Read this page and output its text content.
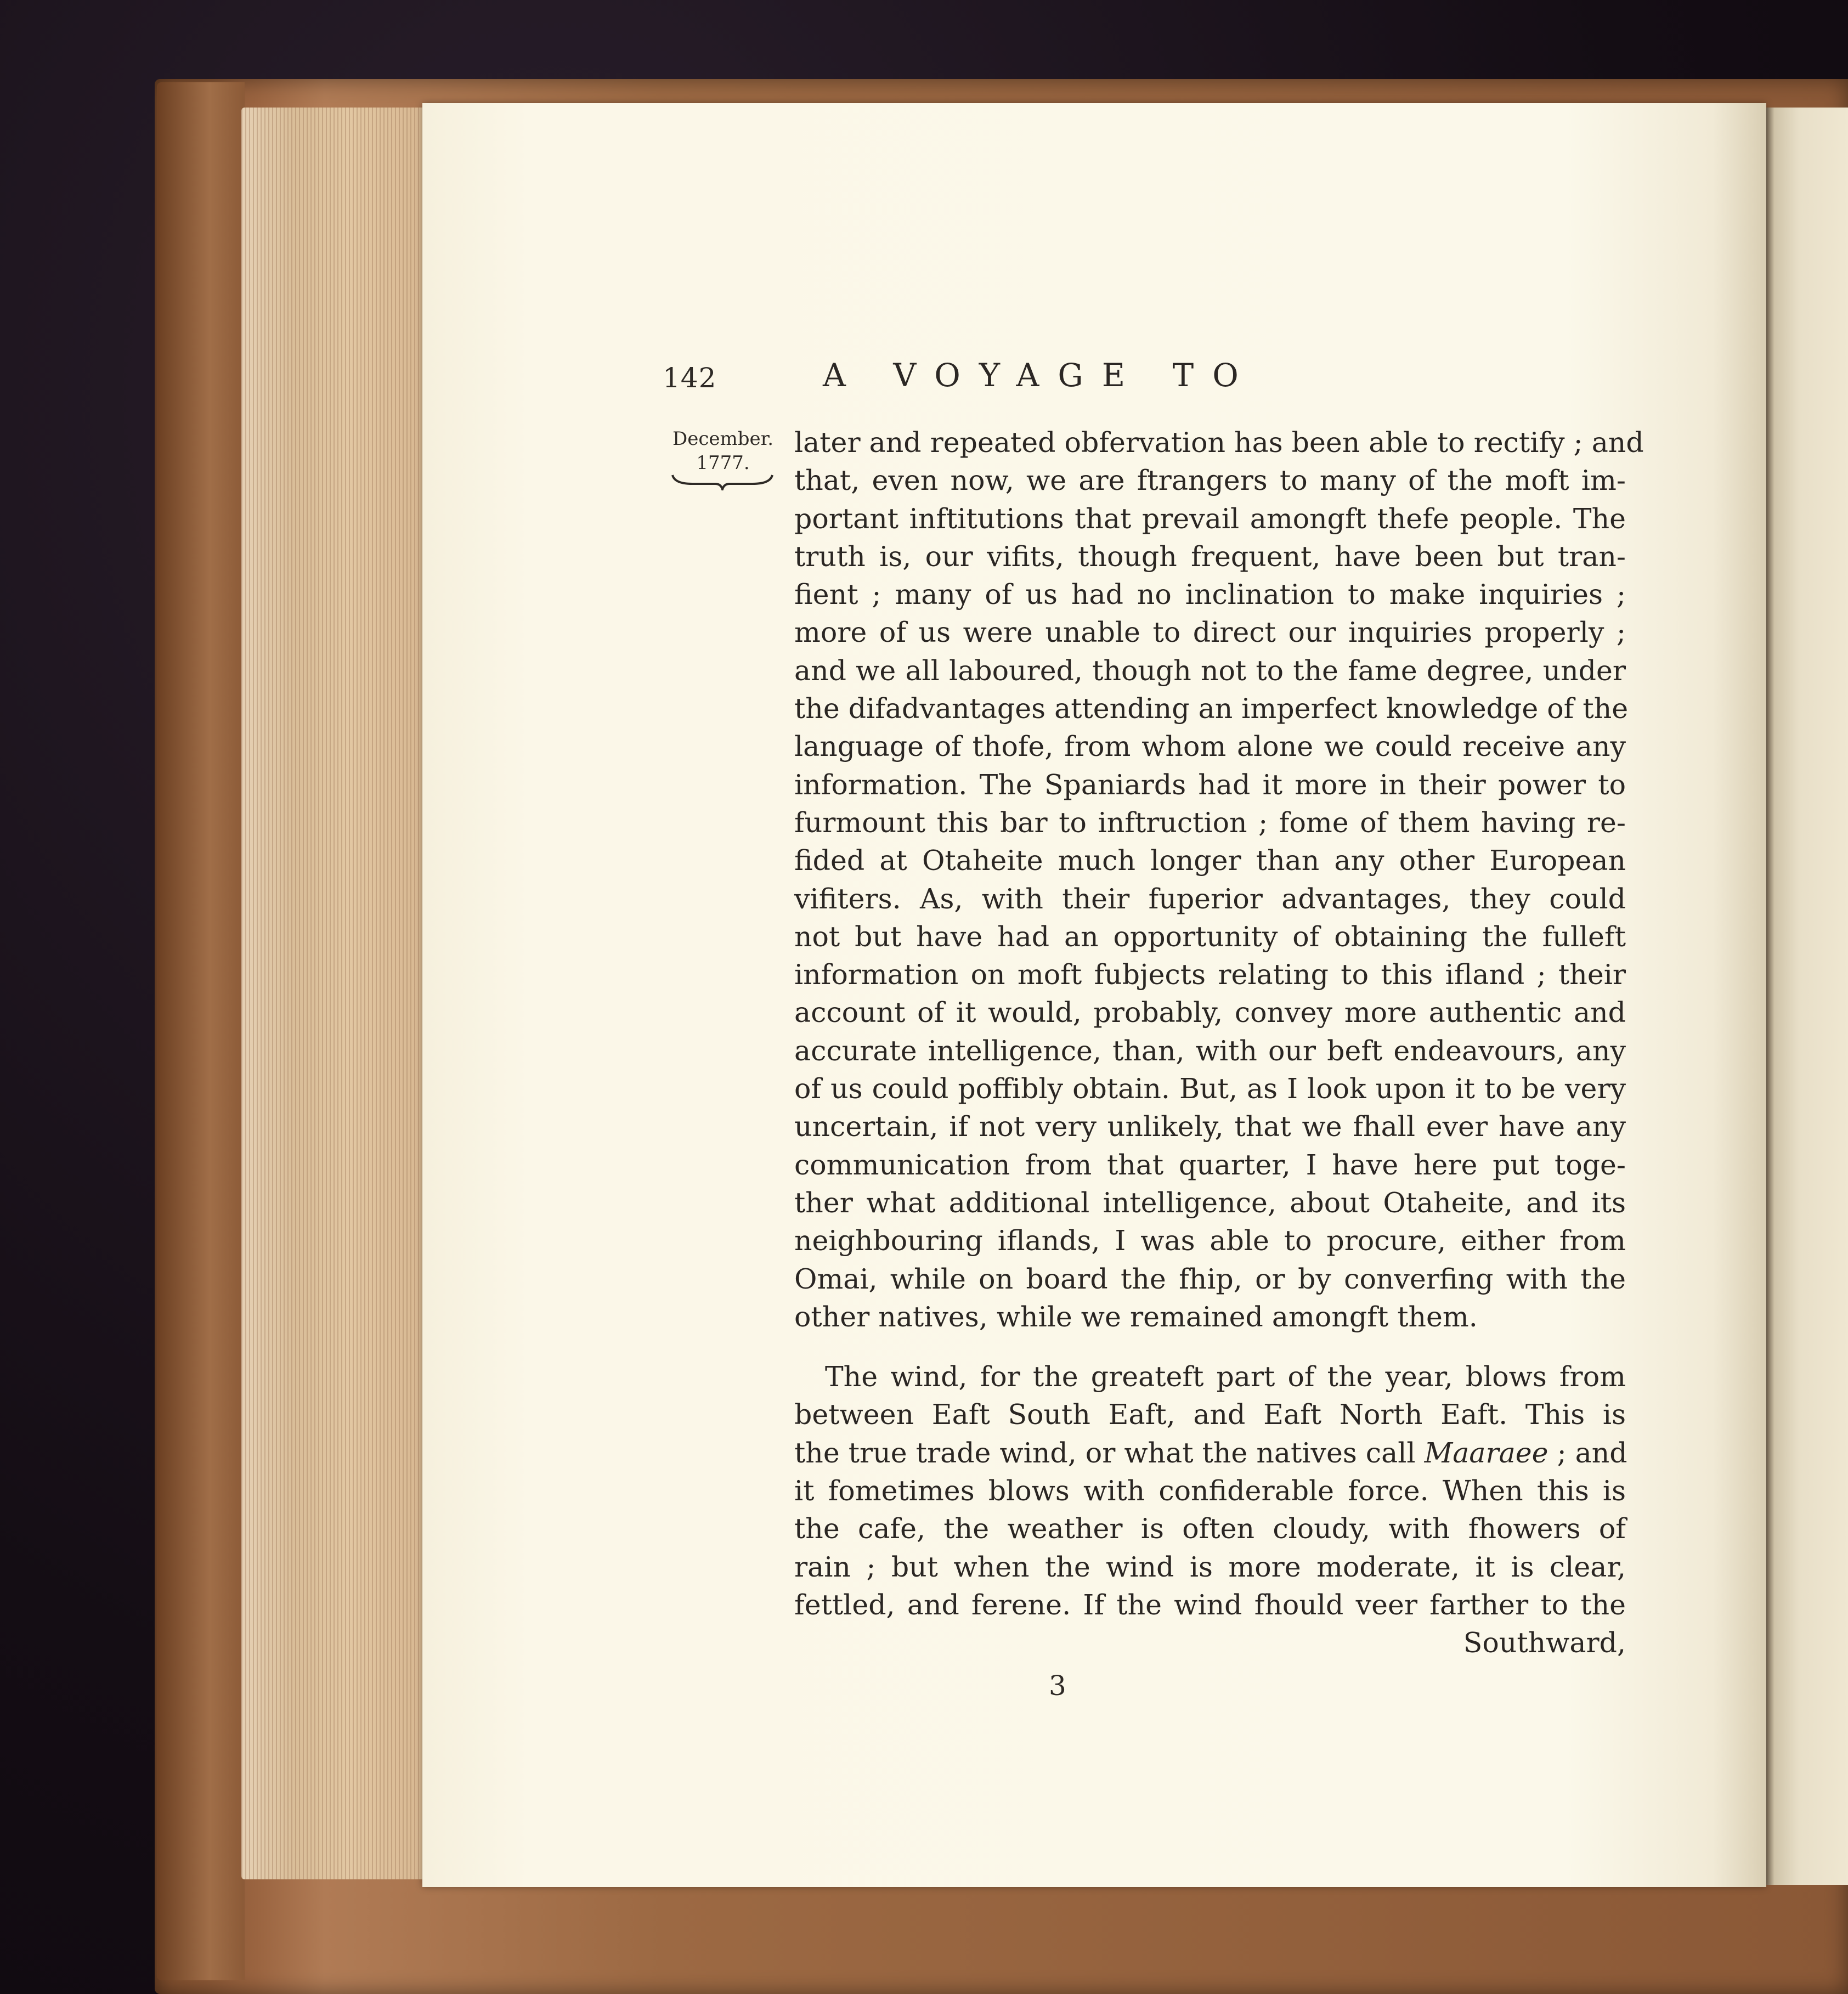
142	A VOYAGE TO
December.
1777.
later and repeated obfervation has been able to rectify ; and
that, even now, we are ftrangers to many of the moft im-
portant inftitutions that prevail amongft thefe people. The
truth is, our vifits, though frequent, have been but tran-
fient ; many of us had no inclination to make inquiries ;
more of us were unable to direct our inquiries properly ;
and we all laboured, though not to the fame degree, under
the difadvantages attending an imperfect knowledge of the
language of thofe, from whom alone we could receive any
information. The Spaniards had it more in their power to
furmount this bar to inftruction ; fome of them having re-
fided at Otaheite much longer than any other European
vifiters. As, with their fuperior advantages, they could
not but have had an opportunity of obtaining the fulleft
information on moft fubjects relating to this ifland ; their
account of it would, probably, convey more authentic and
accurate intelligence, than, with our beft endeavours, any
of us could poffibly obtain. But, as I look upon it to be very
uncertain, if not very unlikely, that we fhall ever have any
communication from that quarter, I have here put toge-
ther what additional intelligence, about Otaheite, and its
neighbouring iflands, I was able to procure, either from
Omai, while on board the fhip, or by converfing with the
other natives, while we remained amongft them.
The wind, for the greateft part of the year, blows from
between Eaft South Eaft, and Eaft North Eaft. This is
the true trade wind, or what the natives call Maaraee ; and
it fometimes blows with confiderable force. When this is
the cafe, the weather is often cloudy, with fhowers of
rain ; but when the wind is more moderate, it is clear,
fettled, and ferene. If the wind fhould veer farther to the
Southward,
3
